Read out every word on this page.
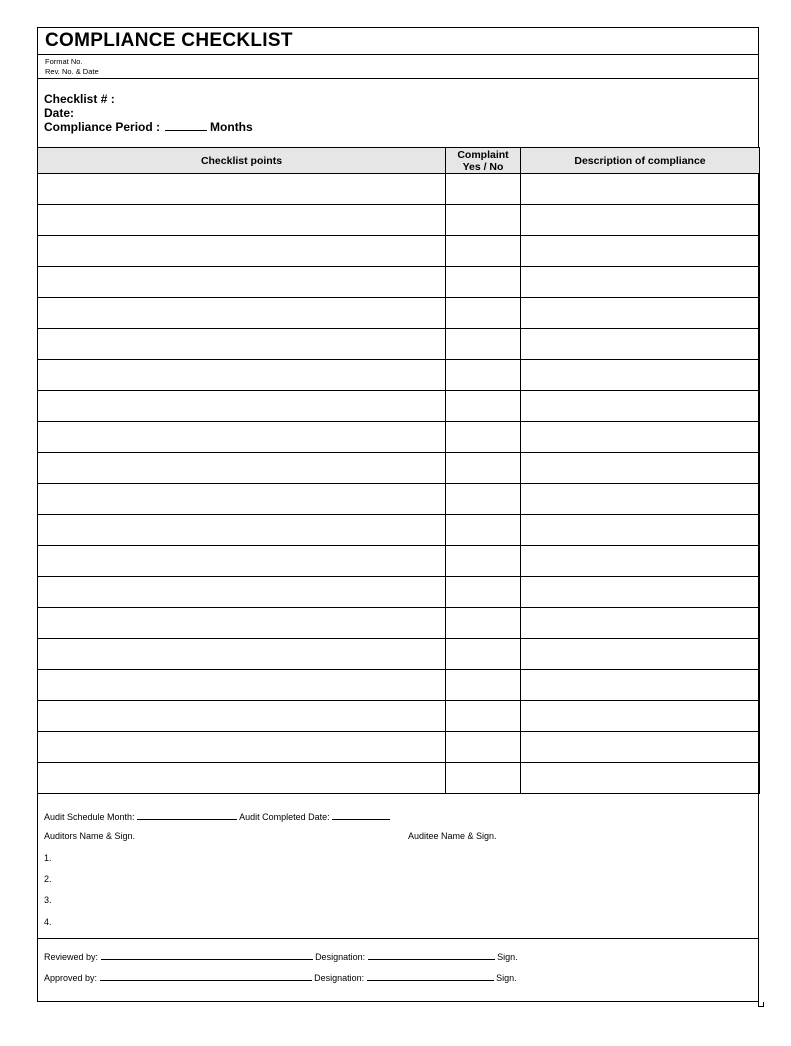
COMPLIANCE CHECKLIST
Format No.
Rev. No. & Date
Checklist # :
Date:
Compliance Period :	Months
Checklist points	Complaint Yes / No	Description of compliance

Audit Schedule Month:	Audit Completed Date:
Auditors Name & Sign.	Auditee Name & Sign.
1.
2.
3.
4.
Reviewed by:	Designation:	Sign.
Approved by:	Designation:	Sign.
